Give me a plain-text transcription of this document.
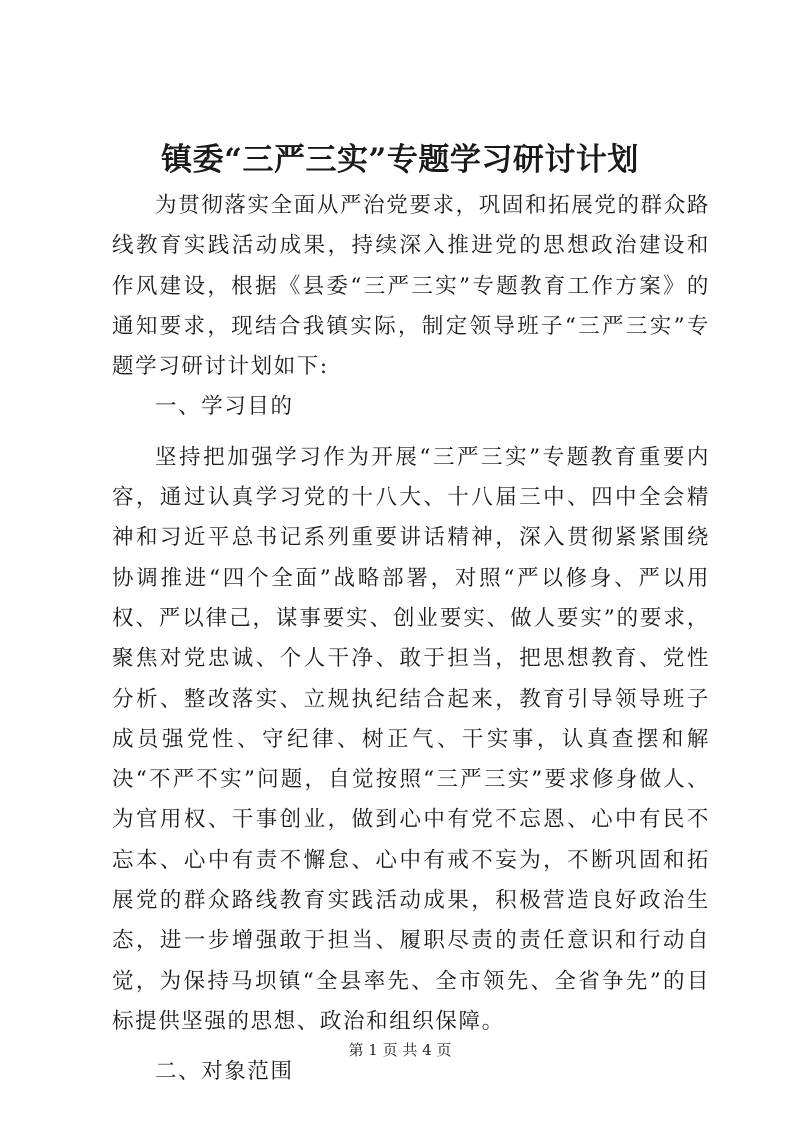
镇委“三严三实”专题学习研讨计划

为贯彻落实全面从严治党要求，巩固和拓展党的群众路线教育实践活动成果，持续深入推进党的思想政治建设和作风建设，根据《县委“三严三实”专题教育工作方案》的通知要求，现结合我镇实际，制定领导班子“三严三实”专题学习研讨计划如下:

一、学习目的

坚持把加强学习作为开展“三严三实”专题教育重要内容，通过认真学习党的十八大、十八届三中、四中全会精神和习近平总书记系列重要讲话精神，深入贯彻紧紧围绕协调推进“四个全面”战略部署，对照“严以修身、严以用权、严以律己，谋事要实、创业要实、做人要实”的要求，聚焦对党忠诚、个人干净、敢于担当，把思想教育、党性分析、整改落实、立规执纪结合起来，教育引导领导班子成员强党性、守纪律、树正气、干实事，认真查摆和解决“不严不实”问题，自觉按照“三严三实”要求修身做人、为官用权、干事创业，做到心中有党不忘恩、心中有民不忘本、心中有责不懈怠、心中有戒不妄为，不断巩固和拓展党的群众路线教育实践活动成果，积极营造良好政治生态，进一步增强敢于担当、履职尽责的责任意识和行动自觉，为保持马坝镇“全县率先、全市领先、全省争先”的目标提供坚强的思想、政治和组织保障。

二、对象范围

第 1 页 共 4 页
